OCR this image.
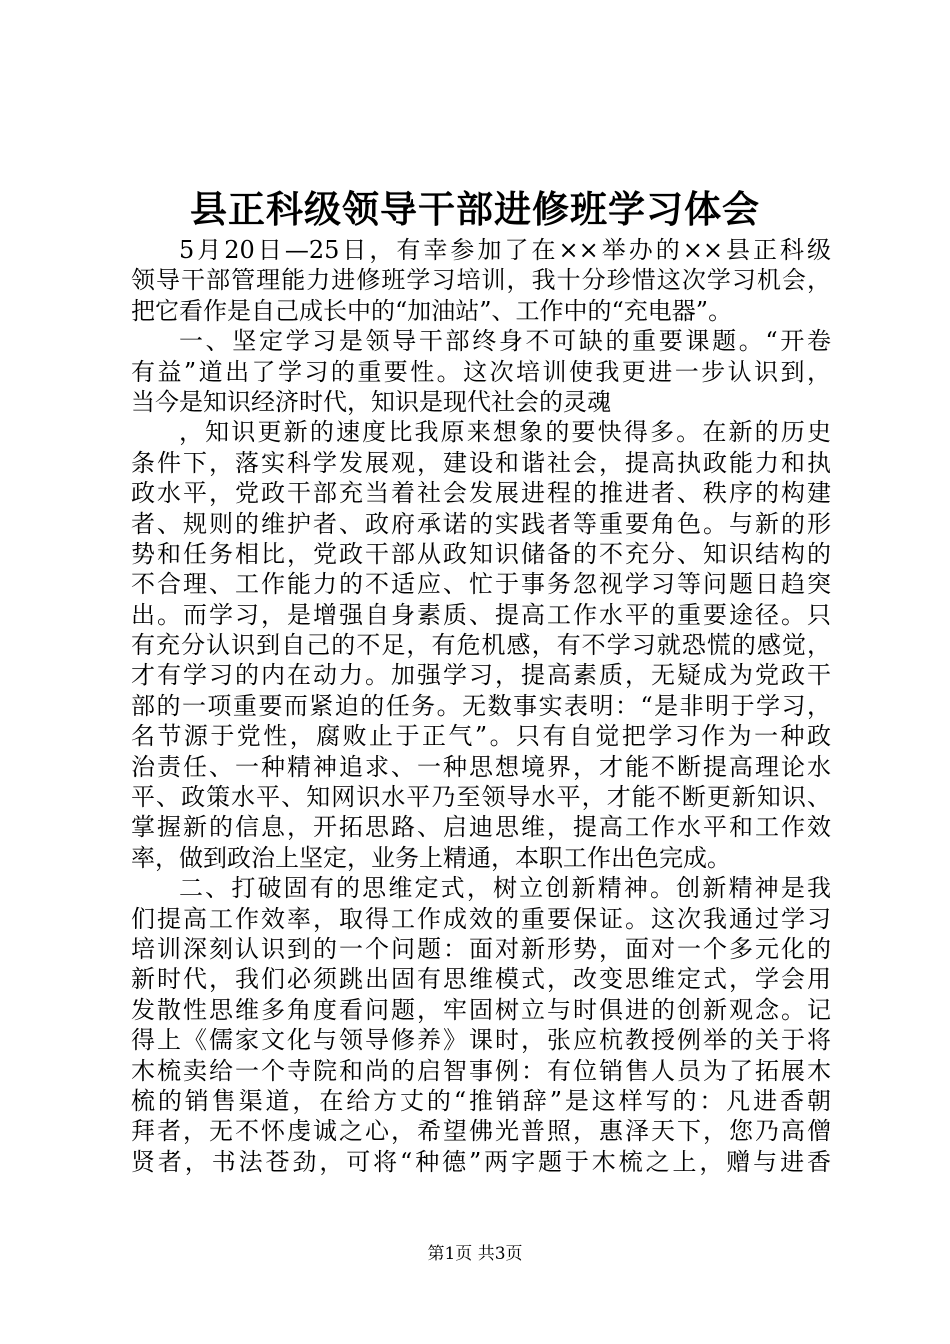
县正科级领导干部进修班学习体会
5月20日—25日，有幸参加了在××举办的××县正科级
领导干部管理能力进修班学习培训，我十分珍惜这次学习机会，
把它看作是自己成长中的“加油站”、工作中的“充电器”。
一、坚定学习是领导干部终身不可缺的重要课题。“开卷
有益”道出了学习的重要性。这次培训使我更进一步认识到，
当今是知识经济时代，知识是现代社会的灵魂
，知识更新的速度比我原来想象的要快得多。在新的历史
条件下，落实科学发展观，建设和谐社会，提高执政能力和执
政水平，党政干部充当着社会发展进程的推进者、秩序的构建
者、规则的维护者、政府承诺的实践者等重要角色。与新的形
势和任务相比，党政干部从政知识储备的不充分、知识结构的
不合理、工作能力的不适应、忙于事务忽视学习等问题日趋突
出。而学习，是增强自身素质、提高工作水平的重要途径。只
有充分认识到自己的不足，有危机感，有不学习就恐慌的感觉，
才有学习的内在动力。加强学习，提高素质，无疑成为党政干
部的一项重要而紧迫的任务。无数事实表明：“是非明于学习，
名节源于党性，腐败止于正气”。只有自觉把学习作为一种政
治责任、一种精神追求、一种思想境界，才能不断提高理论水
平、政策水平、知网识水平乃至领导水平，才能不断更新知识、
掌握新的信息，开拓思路、启迪思维，提高工作水平和工作效
率，做到政治上坚定，业务上精通，本职工作出色完成。
二、打破固有的思维定式，树立创新精神。创新精神是我
们提高工作效率，取得工作成效的重要保证。这次我通过学习
培训深刻认识到的一个问题：面对新形势，面对一个多元化的
新时代，我们必须跳出固有思维模式，改变思维定式，学会用
发散性思维多角度看问题，牢固树立与时俱进的创新观念。记
得上《儒家文化与领导修养》课时，张应杭教授例举的关于将
木梳卖给一个寺院和尚的启智事例：有位销售人员为了拓展木
梳的销售渠道，在给方丈的“推销辞”是这样写的：凡进香朝
拜者，无不怀虔诚之心，希望佛光普照，惠泽天下，您乃高僧
贤者，书法苍劲，可将“种德”两字题于木梳之上，赠与进香
第1页 共3页
